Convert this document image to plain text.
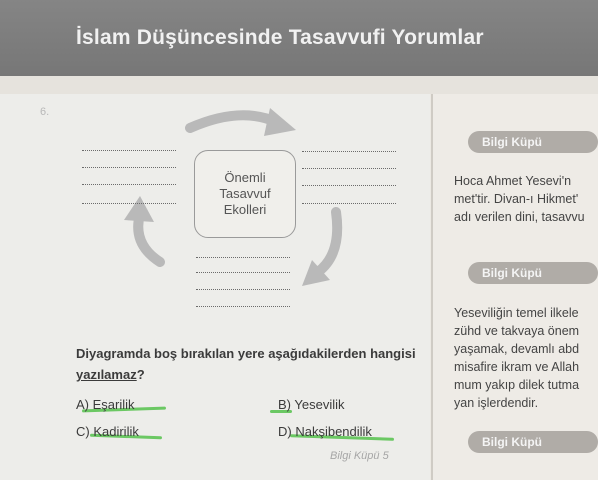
İslam Düşüncesinde Tasavvufi Yorumlar
6.
Önemli
Tasavvuf
Ekolleri
Diyagramda boş bırakılan yere aşağıdakilerden hangisi yazılamaz?
A) Eşarilik	B) Yesevilik
C) Kadirilik	D) Nakşibendilik
Bilgi Küpü 5
Bilgi Küpü
Hoca Ahmet Yesevi'n
met'tir. Divan-ı Hikmet'
adı verilen dini, tasavvu
Bilgi Küpü
Yeseviliğin temel ilkele
zühd ve takvaya önem
yaşamak, devamlı abd
misafire ikram ve Allah
mum yakıp dilek tutma
yan işlerdendir.
Bilgi Küpü
